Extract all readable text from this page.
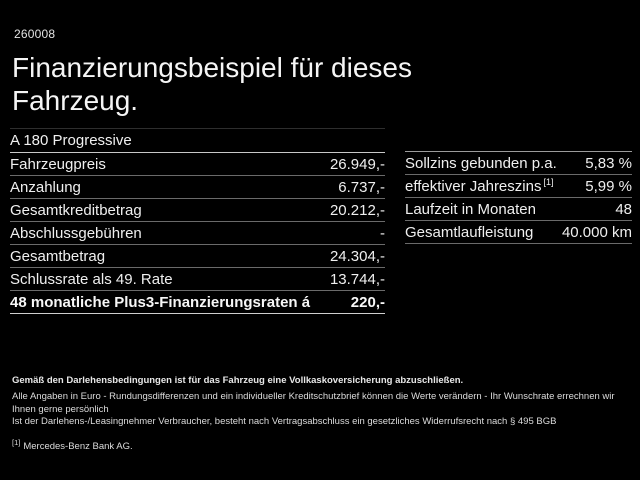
260008
Finanzierungsbeispiel für dieses
Fahrzeug.
A 180 Progressive
Fahrzeugpreis	26.949,-
Anzahlung	6.737,-
Gesamtkreditbetrag	20.212,-
Abschlussgebühren	-
Gesamtbetrag	24.304,-
Schlussrate als 49. Rate	13.744,-
48 monatliche Plus3-Finanzierungsraten á	220,-
Sollzins gebunden p.a. 5,83 %
effektiver Jahreszins [1] 5,99 %
Laufzeit in Monaten	48
Gesamtlaufleistung 40.000 km
Gemäß den Darlehensbedingungen ist für das Fahrzeug eine Vollkaskoversicherung abzuschließen.
Alle Angaben in Euro - Rundungsdifferenzen und ein individueller Kreditschutzbrief können die Werte verändern - Ihr Wunschrate errechnen wir Ihnen gerne persönlich
Ist der Darlehens-/Leasingnehmer Verbraucher, besteht nach Vertragsabschluss ein gesetzliches Widerrufsrecht nach § 495 BGB
[1] Mercedes-Benz Bank AG.
